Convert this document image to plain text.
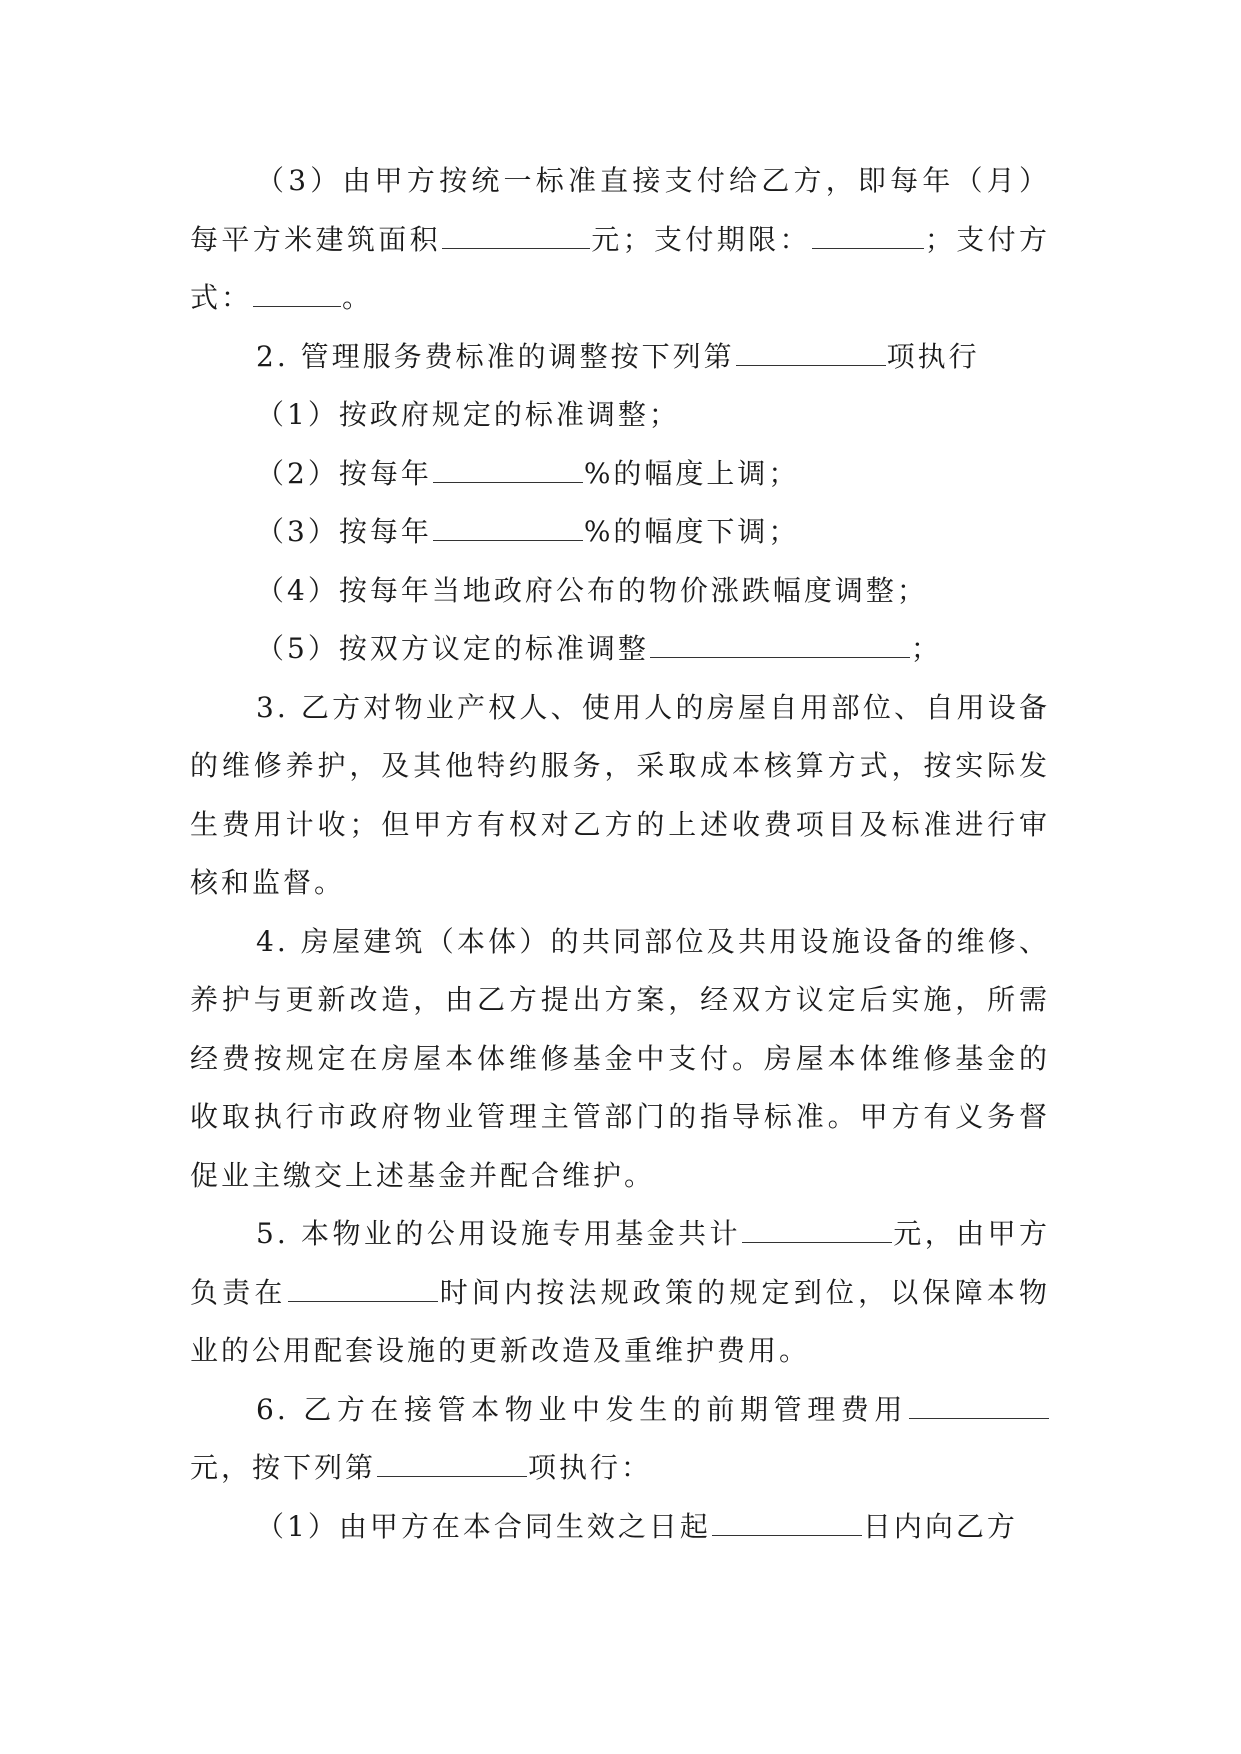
（3）由甲方按统一标准直接支付给乙方，即每年（月）每平方米建筑面积	元；支付期限：	；支付方式：	。

2. 管理服务费标准的调整按下列第	项执行

（1）按政府规定的标准调整；

（2）按每年	%的幅度上调；

（3）按每年	%的幅度下调；

（4）按每年当地政府公布的物价涨跌幅度调整；

（5）按双方议定的标准调整	；

3. 乙方对物业产权人、使用人的房屋自用部位、自用设备的维修养护，及其他特约服务，采取成本核算方式，按实际发生费用计收；但甲方有权对乙方的上述收费项目及标准进行审核和监督。

4. 房屋建筑（本体）的共同部位及共用设施设备的维修、养护与更新改造，由乙方提出方案，经双方议定后实施，所需经费按规定在房屋本体维修基金中支付。房屋本体维修基金的收取执行市政府物业管理主管部门的指导标准。甲方有义务督促业主缴交上述基金并配合维护。

5. 本物业的公用设施专用基金共计	元，由甲方负责在	时间内按法规政策的规定到位，以保障本物业的公用配套设施的更新改造及重维护费用。

6. 乙方在接管本物业中发生的前期管理费用元，按下列第	项执行：

（1）由甲方在本合同生效之日起	日内向乙方
